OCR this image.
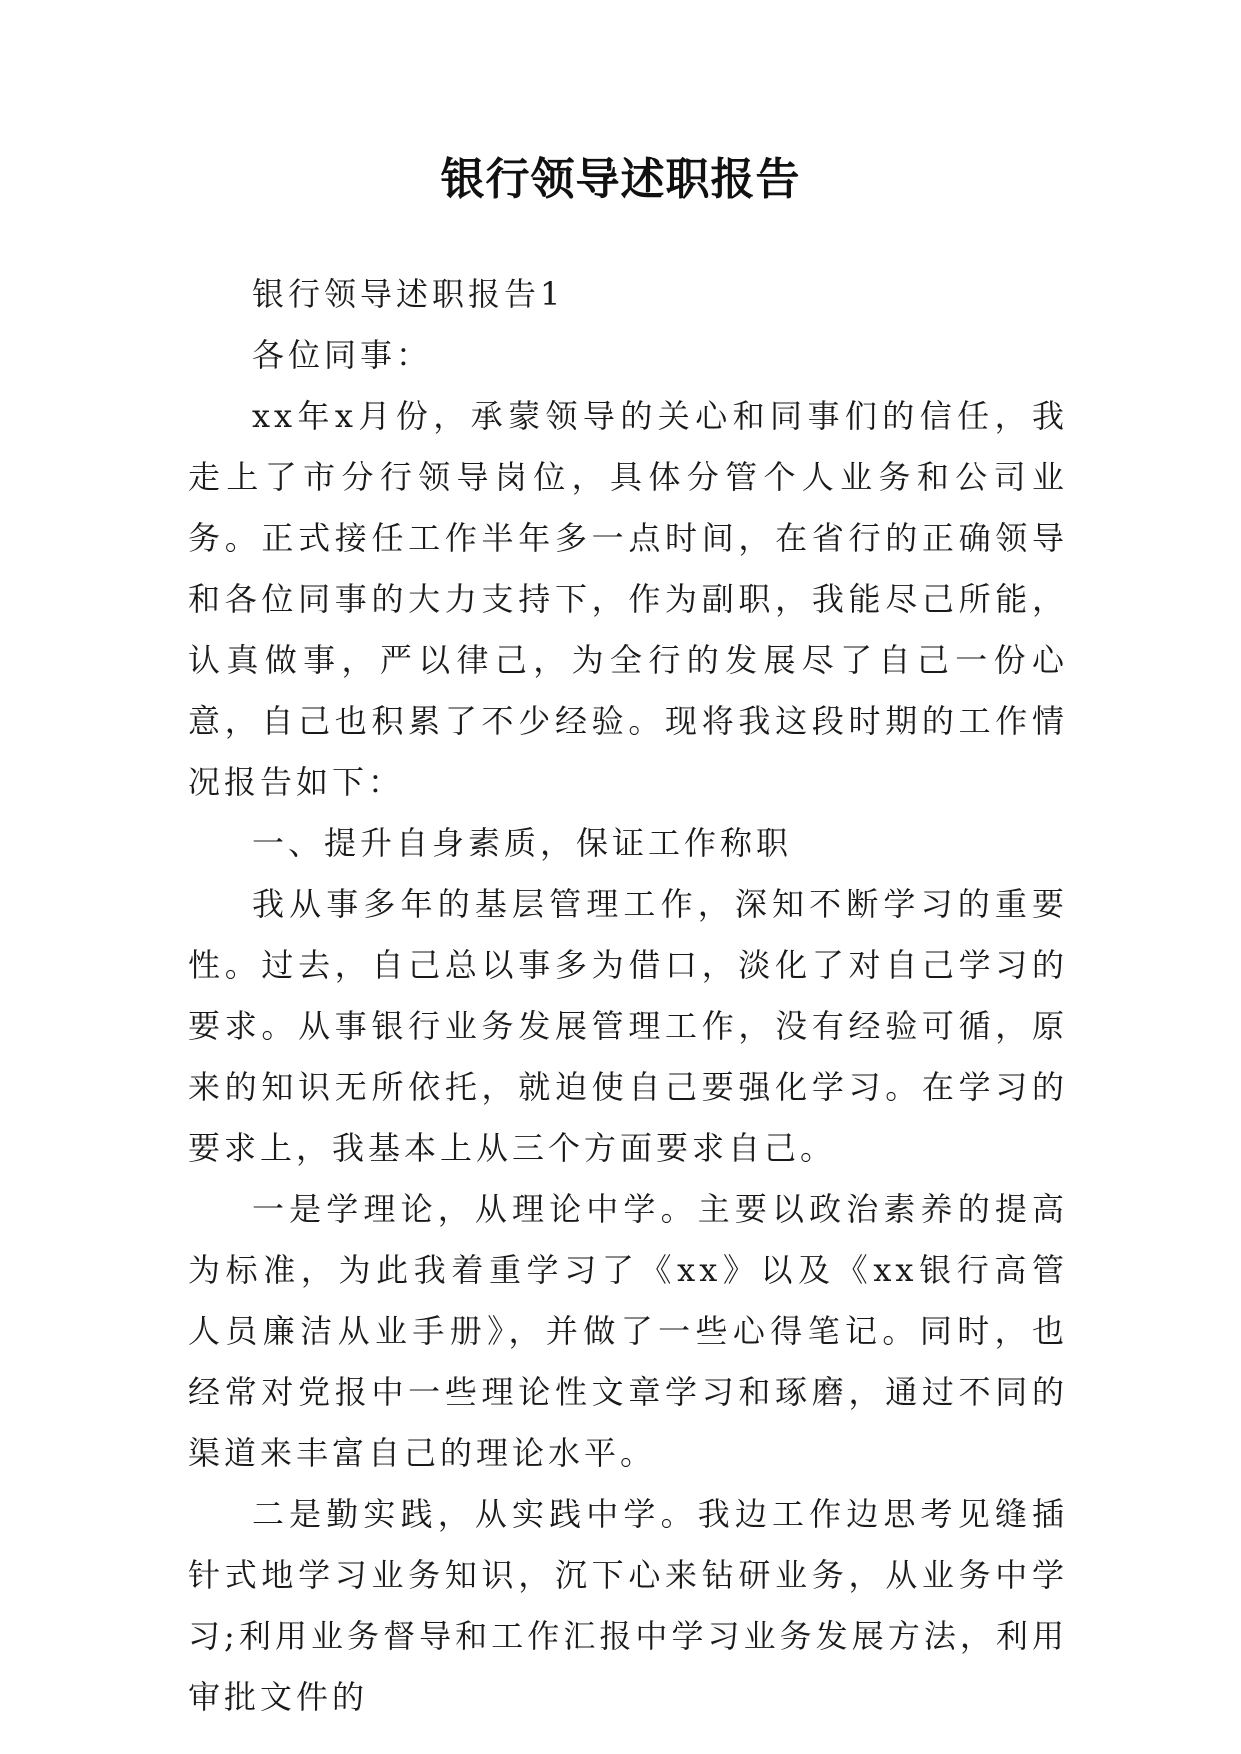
银行领导述职报告

银行领导述职报告1

各位同事：

xx年x月份，承蒙领导的关心和同事们的信任，我走上了市分行领导岗位，具体分管个人业务和公司业务。正式接任工作半年多一点时间，在省行的正确领导和各位同事的大力支持下，作为副职，我能尽己所能，认真做事，严以律己，为全行的发展尽了自己一份心意，自己也积累了不少经验。现将我这段时期的工作情况报告如下：

一、提升自身素质，保证工作称职

我从事多年的基层管理工作，深知不断学习的重要性。过去，自己总以事多为借口，淡化了对自己学习的要求。从事银行业务发展管理工作，没有经验可循，原来的知识无所依托，就迫使自己要强化学习。在学习的要求上，我基本上从三个方面要求自己。

一是学理论，从理论中学。主要以政治素养的提高为标准，为此我着重学习了《xx》以及《xx银行高管人员廉洁从业手册》，并做了一些心得笔记。同时，也经常对党报中一些理论性文章学习和琢磨，通过不同的渠道来丰富自己的理论水平。

二是勤实践，从实践中学。我边工作边思考见缝插针式地学习业务知识，沉下心来钻研业务，从业务中学习;利用业务督导和工作汇报中学习业务发展方法，利用审批文件的
